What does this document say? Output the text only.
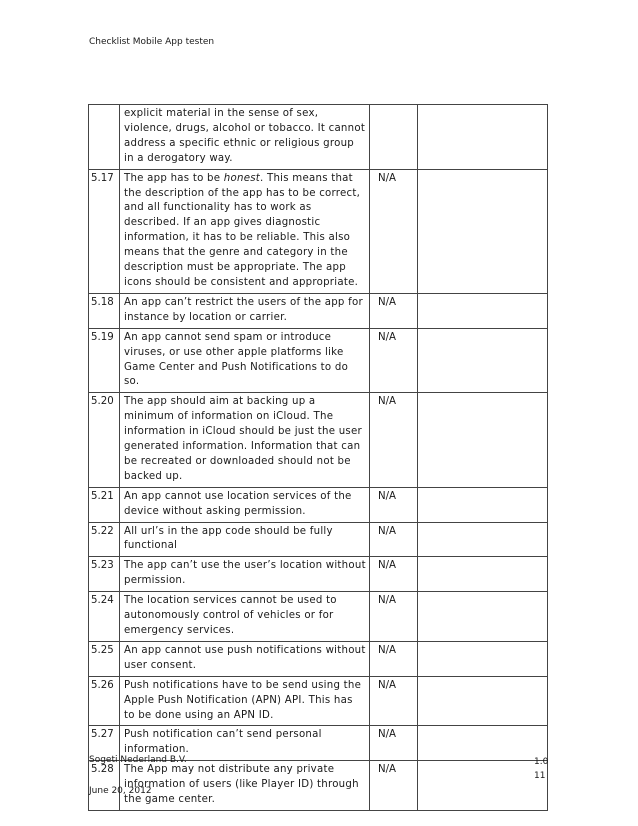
Checklist Mobile App testen
	explicit material in the sense of sex, violence, drugs, alcohol or tobacco. It cannot address a specific ethnic or religious group in a derogatory way.		
5.17	The app has to be honest. This means that the description of the app has to be correct, and all functionality has to work as described. If an app gives diagnostic information, it has to be reliable. This also means that the genre and category in the description must be appropriate. The app icons should be consistent and appropriate.	N/A	
5.18	An app can’t restrict the users of the app for instance by location or carrier.	N/A	
5.19	An app cannot send spam or introduce viruses, or use other apple platforms like Game Center and Push Notifications to do so.	N/A	
5.20	The app should aim at backing up a minimum of information on iCloud. The information in iCloud should be just the user generated information. Information that can be recreated or downloaded should not be backed up.	N/A	
5.21	An app cannot use location services of the device without asking permission.	N/A	
5.22	All url’s in the app code should be fully functional	N/A	
5.23	The app can’t use the user’s location without permission.	N/A	
5.24	The location services cannot be used to autonomously control of vehicles or for emergency services.	N/A	
5.25	An app cannot use push notifications without user consent.	N/A	
5.26	Push notifications have to be send using the Apple Push Notification (APN) API. This has to be done using an APN ID.	N/A	
5.27	Push notification can’t send personal information.	N/A	
5.28	The App may not distribute any private information of users (like Player ID) through the game center.	N/A	
Sogeti Nederland B.V.	1.0
11
June 20, 2012
